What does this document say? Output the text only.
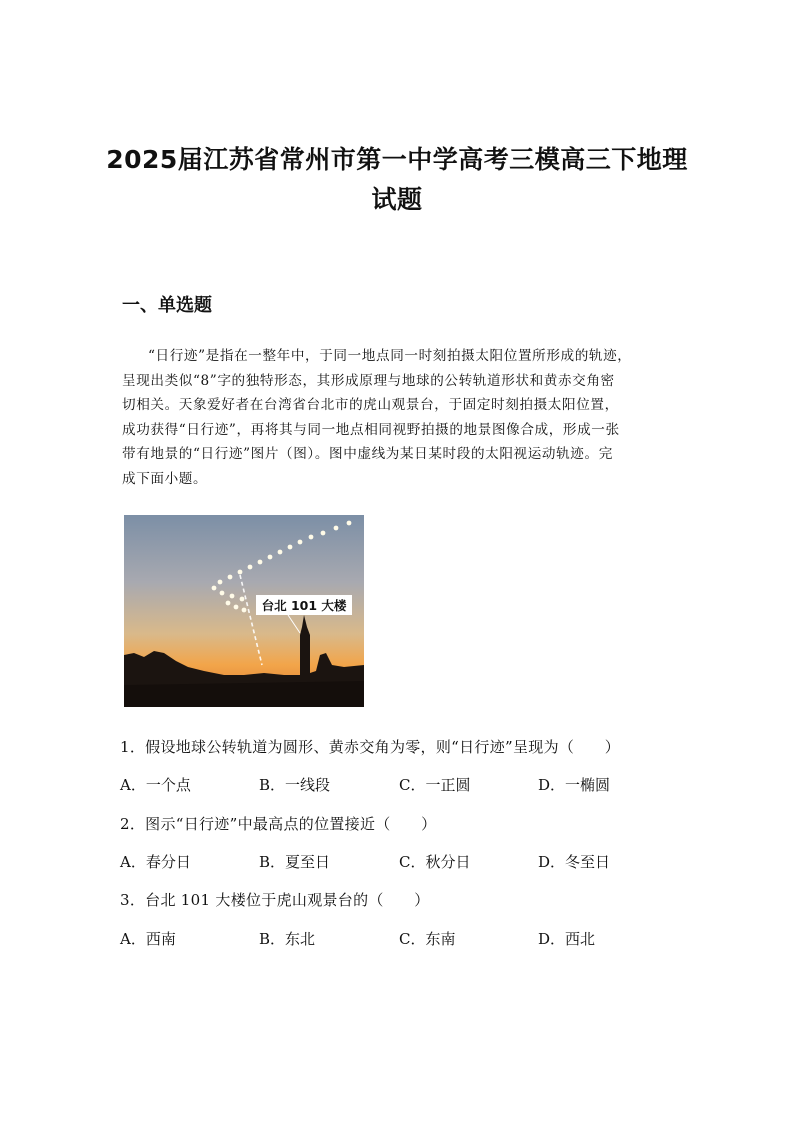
2025届江苏省常州市第一中学高考三模高三下地理
试题
一、单选题
“日行迹”是指在一整年中，于同一地点同一时刻拍摄太阳位置所形成的轨迹，
呈现出类似“8”字的独特形态，其形成原理与地球的公转轨道形状和黄赤交角密
切相关。天象爱好者在台湾省台北市的虎山观景台，于固定时刻拍摄太阳位置，
成功获得“日行迹”，再将其与同一地点相同视野拍摄的地景图像合成，形成一张
带有地景的“日行迹”图片（图）。图中虚线为某日某时段的太阳视运动轨迹。完
成下面小题。
台北 101 大楼
1．假设地球公转轨道为圆形、黄赤交角为零，则“日行迹”呈现为（　　）
A．一个点	B．一线段	C．一正圆	D．一椭圆
2．图示“日行迹”中最高点的位置接近（　　）
A．春分日	B．夏至日	C．秋分日	D．冬至日
3．台北 101 大楼位于虎山观景台的（　　）
A．西南	B．东北	C．东南	D．西北
